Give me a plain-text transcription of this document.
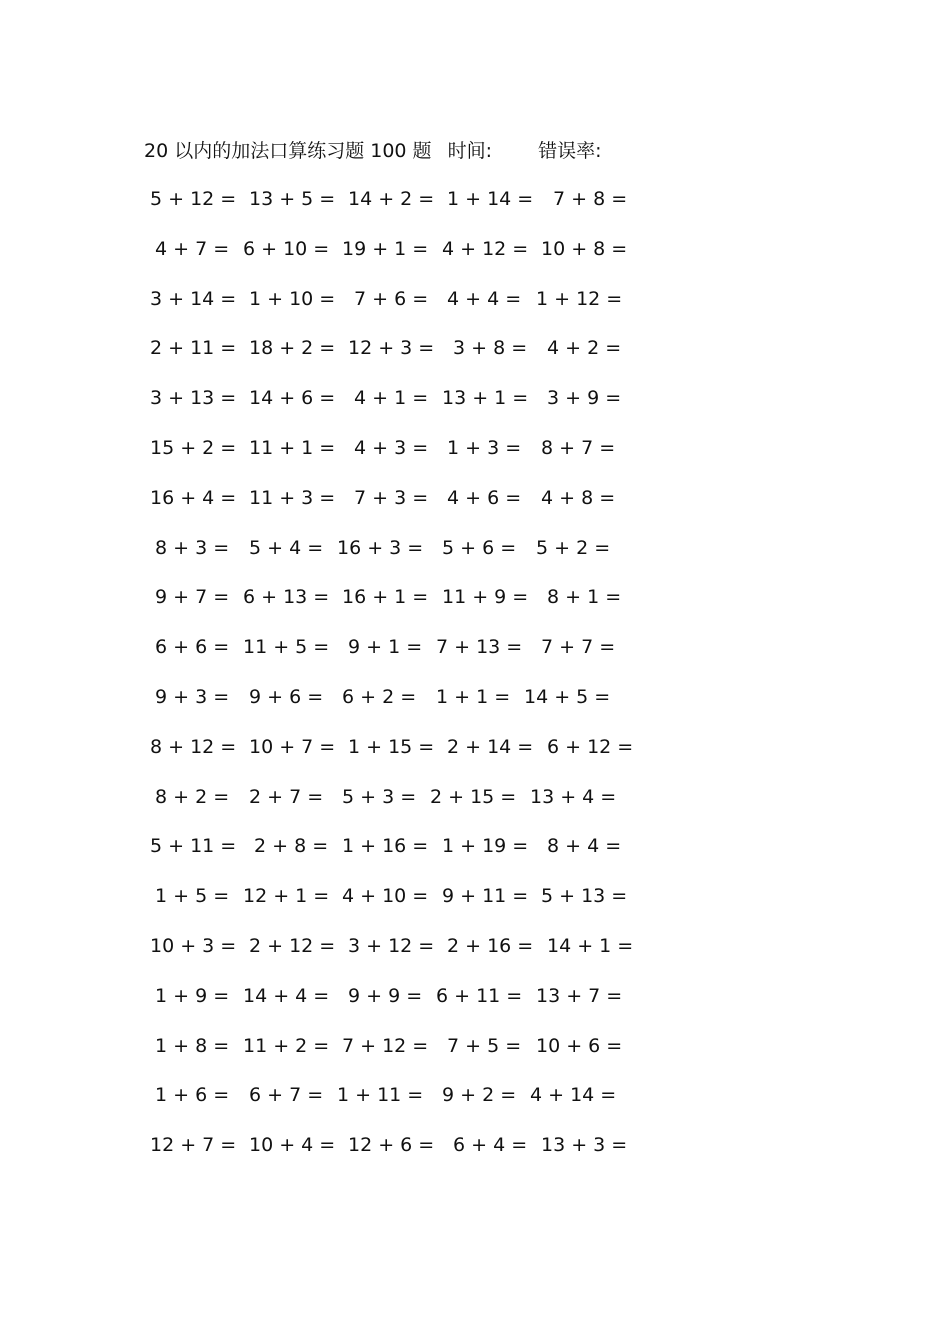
20 以内的加法口算练习题 100 题 时间: 错误率:
5 + 12 = 13 + 5 = 14 + 2 = 1 + 14 = 7 + 8 =
4 + 7 = 6 + 10 = 19 + 1 = 4 + 12 = 10 + 8 =
3 + 14 = 1 + 10 = 7 + 6 = 4 + 4 = 1 + 12 =
2 + 11 = 18 + 2 = 12 + 3 = 3 + 8 = 4 + 2 =
3 + 13 = 14 + 6 = 4 + 1 = 13 + 1 = 3 + 9 =
15 + 2 = 11 + 1 = 4 + 3 = 1 + 3 = 8 + 7 =
16 + 4 = 11 + 3 = 7 + 3 = 4 + 6 = 4 + 8 =
8 + 3 = 5 + 4 = 16 + 3 = 5 + 6 = 5 + 2 =
9 + 7 = 6 + 13 = 16 + 1 = 11 + 9 = 8 + 1 =
6 + 6 = 11 + 5 = 9 + 1 = 7 + 13 = 7 + 7 =
9 + 3 = 9 + 6 = 6 + 2 = 1 + 1 = 14 + 5 =
8 + 12 = 10 + 7 = 1 + 15 = 2 + 14 = 6 + 12 =
8 + 2 = 2 + 7 = 5 + 3 = 2 + 15 = 13 + 4 =
5 + 11 = 2 + 8 = 1 + 16 = 1 + 19 = 8 + 4 =
1 + 5 = 12 + 1 = 4 + 10 = 9 + 11 = 5 + 13 =
10 + 3 = 2 + 12 = 3 + 12 = 2 + 16 = 14 + 1 =
1 + 9 = 14 + 4 = 9 + 9 = 6 + 11 = 13 + 7 =
1 + 8 = 11 + 2 = 7 + 12 = 7 + 5 = 10 + 6 =
1 + 6 = 6 + 7 = 1 + 11 = 9 + 2 = 4 + 14 =
12 + 7 = 10 + 4 = 12 + 6 = 6 + 4 = 13 + 3 =
